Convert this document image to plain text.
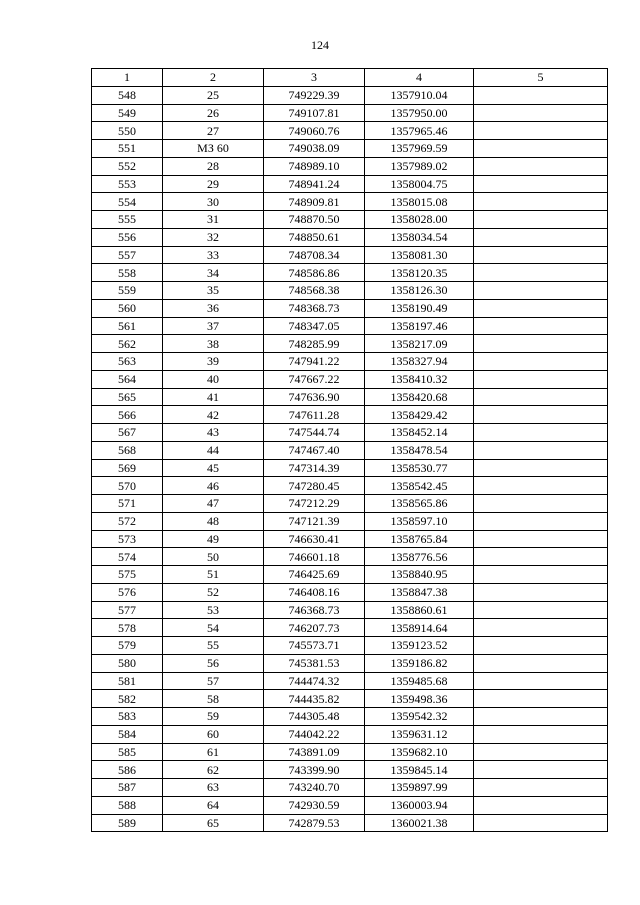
124
1	2	3	4	5
548	25	749229.39	1357910.04	
549	26	749107.81	1357950.00	
550	27	749060.76	1357965.46	
551	МЗ 60	749038.09	1357969.59	
552	28	748989.10	1357989.02	
553	29	748941.24	1358004.75	
554	30	748909.81	1358015.08	
555	31	748870.50	1358028.00	
556	32	748850.61	1358034.54	
557	33	748708.34	1358081.30	
558	34	748586.86	1358120.35	
559	35	748568.38	1358126.30	
560	36	748368.73	1358190.49	
561	37	748347.05	1358197.46	
562	38	748285.99	1358217.09	
563	39	747941.22	1358327.94	
564	40	747667.22	1358410.32	
565	41	747636.90	1358420.68	
566	42	747611.28	1358429.42	
567	43	747544.74	1358452.14	
568	44	747467.40	1358478.54	
569	45	747314.39	1358530.77	
570	46	747280.45	1358542.45	
571	47	747212.29	1358565.86	
572	48	747121.39	1358597.10	
573	49	746630.41	1358765.84	
574	50	746601.18	1358776.56	
575	51	746425.69	1358840.95	
576	52	746408.16	1358847.38	
577	53	746368.73	1358860.61	
578	54	746207.73	1358914.64	
579	55	745573.71	1359123.52	
580	56	745381.53	1359186.82	
581	57	744474.32	1359485.68	
582	58	744435.82	1359498.36	
583	59	744305.48	1359542.32	
584	60	744042.22	1359631.12	
585	61	743891.09	1359682.10	
586	62	743399.90	1359845.14	
587	63	743240.70	1359897.99	
588	64	742930.59	1360003.94	
589	65	742879.53	1360021.38	
